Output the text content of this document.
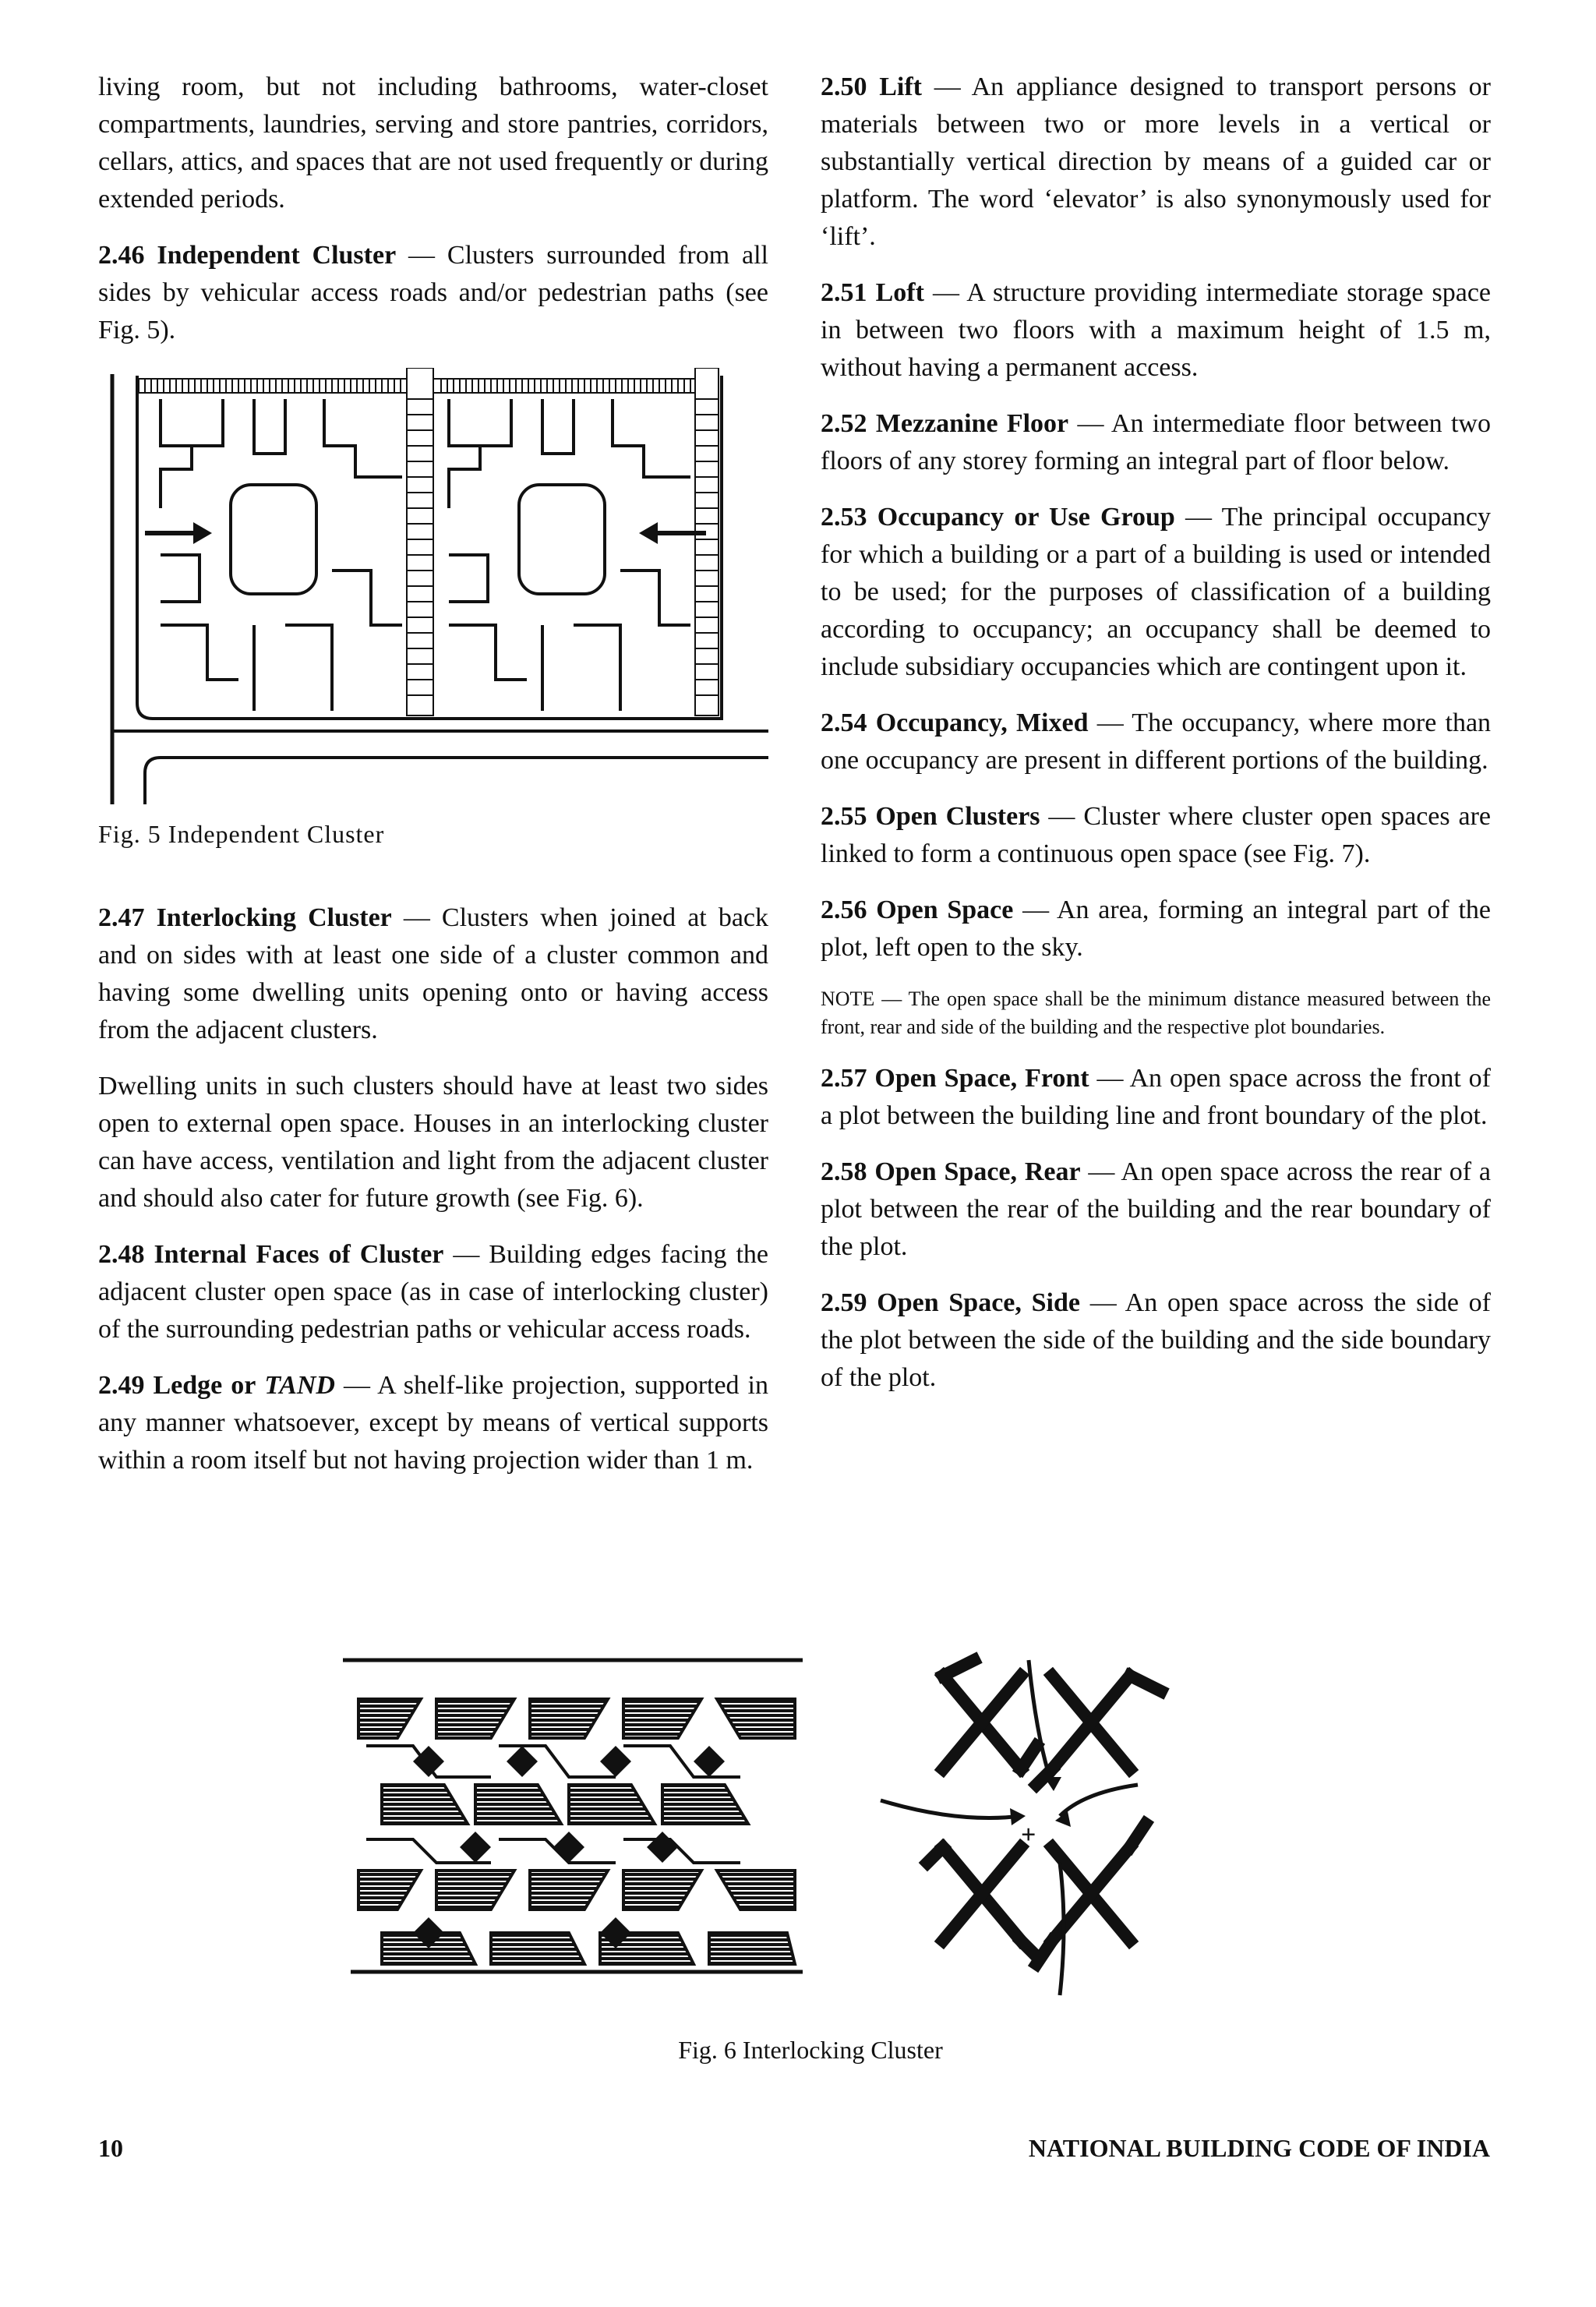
living room, but not including bathrooms, water-closet compartments, laundries, serving and store pantries, corridors, cellars, attics, and spaces that are not used frequently or during extended periods.

2.46 Independent Cluster — Clusters surrounded from all sides by vehicular access roads and/or pedestrian paths (see Fig. 5).

Fig. 5 Independent Cluster

2.47 Interlocking Cluster — Clusters when joined at back and on sides with at least one side of a cluster common and having some dwelling units opening onto or having access from the adjacent clusters.

Dwelling units in such clusters should have at least two sides open to external open space. Houses in an interlocking cluster can have access, ventilation and light from the adjacent cluster and should also cater for future growth (see Fig. 6).

2.48 Internal Faces of Cluster — Building edges facing the adjacent cluster open space (as in case of interlocking cluster) of the surrounding pedestrian paths or vehicular access roads.

2.49 Ledge or TAND — A shelf-like projection, supported in any manner whatsoever, except by means of vertical supports within a room itself but not having projection wider than 1 m.

2.50 Lift — An appliance designed to transport persons or materials between two or more levels in a vertical or substantially vertical direction by means of a guided car or platform. The word ‘elevator’ is also synonymously used for ‘lift’.

2.51 Loft — A structure providing intermediate storage space in between two floors with a maximum height of 1.5 m, without having a permanent access.

2.52 Mezzanine Floor — An intermediate floor between two floors of any storey forming an integral part of floor below.

2.53 Occupancy or Use Group — The principal occupancy for which a building or a part of a building is used or intended to be used; for the purposes of classification of a building according to occupancy; an occupancy shall be deemed to include subsidiary occupancies which are contingent upon it.

2.54 Occupancy, Mixed — The occupancy, where more than one occupancy are present in different portions of the building.

2.55 Open Clusters — Cluster where cluster open spaces are linked to form a continuous open space (see Fig. 7).

2.56 Open Space — An area, forming an integral part of the plot, left open to the sky.

NOTE — The open space shall be the minimum distance measured between the front, rear and side of the building and the respective plot boundaries.

2.57 Open Space, Front — An open space across the front of a plot between the building line and front boundary of the plot.

2.58 Open Space, Rear — An open space across the rear of a plot between the rear of the building and the rear boundary of the plot.

2.59 Open Space, Side — An open space across the side of the plot between the side of the building and the side boundary of the plot.

+

Fig. 6 Interlocking Cluster

10	NATIONAL BUILDING CODE OF INDIA
